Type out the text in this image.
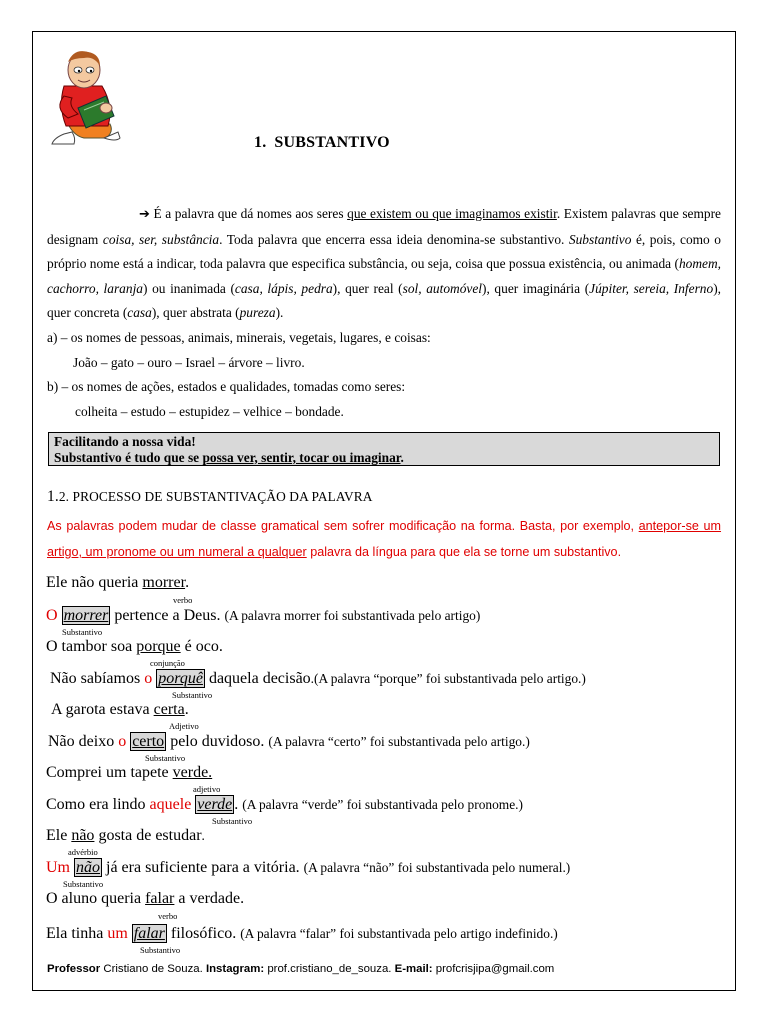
1. SUBSTANTIVO

➔ É a palavra que dá nomes aos seres que existem ou que imaginamos existir. Existem palavras que sempre designam coisa, ser, substância. Toda palavra que encerra essa ideia denomina-se substantivo. Substantivo é, pois, como o próprio nome está a indicar, toda palavra que especifica substância, ou seja, coisa que possua existência, ou animada (homem, cachorro, laranja) ou inanimada (casa, lápis, pedra), quer real (sol, automóvel), quer imaginária (Júpiter, sereia, Inferno), quer concreta (casa), quer abstrata (pureza).

a) – os nomes de pessoas, animais, minerais, vegetais, lugares, e coisas:

João – gato – ouro – Israel – árvore – livro.

b) – os nomes de ações, estados e qualidades, tomadas como seres:

colheita – estudo – estupidez – velhice – bondade.

Facilitando a nossa vida!
Substantivo é tudo que se possa ver, sentir, tocar ou imaginar.
1.2. PROCESSO DE SUBSTANTIVAÇÃO DA PALAVRA

As palavras podem mudar de classe gramatical sem sofrer modificação na forma. Basta, por exemplo, antepor-se um artigo, um pronome ou um numeral a qualquer palavra da língua para que ela se torne um substantivo.

Ele não queria morrer.
verbo
O morrer pertence a Deus. (A palavra morrer foi substantivada pelo artigo)
Substantivo
O tambor soa porque é oco.
conjunção
Não sabíamos o porquê daquela decisão.(A palavra “porque” foi substantivada pelo artigo.)
Substantivo
A garota estava certa.
Adjetivo
Não deixo o certo pelo duvidoso. (A palavra “certo” foi substantivada pelo artigo.)
Substantivo
Comprei um tapete verde.
adjetivo
Como era lindo aquele verde . (A palavra “verde” foi substantivada pelo pronome.)
Substantivo
Ele não gosta de estudar.
advérbio
Um não já era suficiente para a vitória. (A palavra “não” foi substantivada pelo numeral.)
Substantivo
O aluno queria falar a verdade.
verbo
Ela tinha um falar filosófico. (A palavra “falar” foi substantivada pelo artigo indefinido.)
Substantivo
Professor Cristiano de Souza. Instagram: prof.cristiano_de_souza. E-mail: profcrisjipa@gmail.com
